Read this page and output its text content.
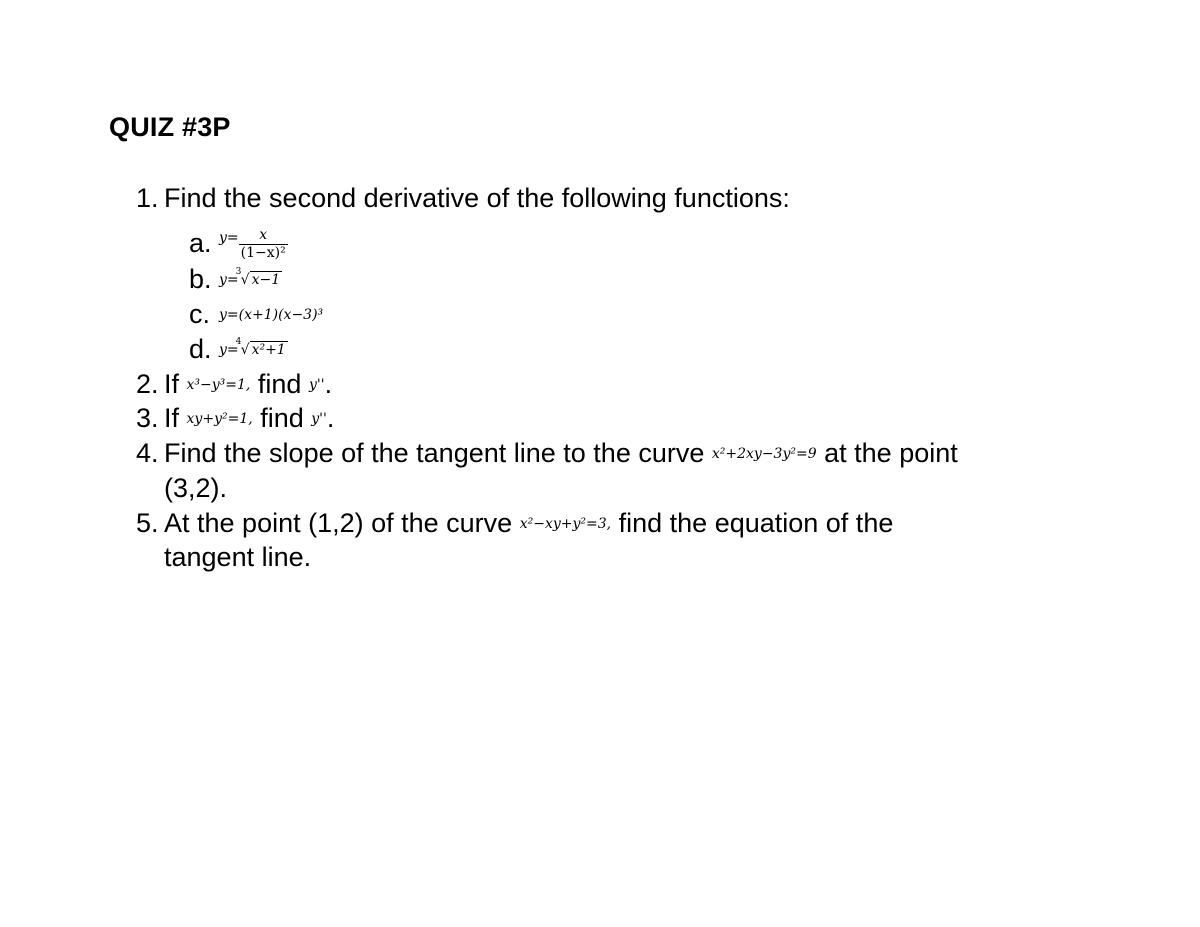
QUIZ #3P
1. Find the second derivative of the following functions:
a. $^{y=} \frac{x}{\text{(1−x)²}}$
b. y=
3 √ x−1
c. y=(x+1)(x−3)³
d. y=
4 √ x²+1
2. If x³−y³=1, find y''.
3. If xy+y²=1, find y''.
4. Find the slope of the tangent line to the curve x²+2xy−3y²=9 at the point
(3,2).
5. At the point (1,2) of the curve x²−xy+y²=3, find the equation of the
tangent line.
